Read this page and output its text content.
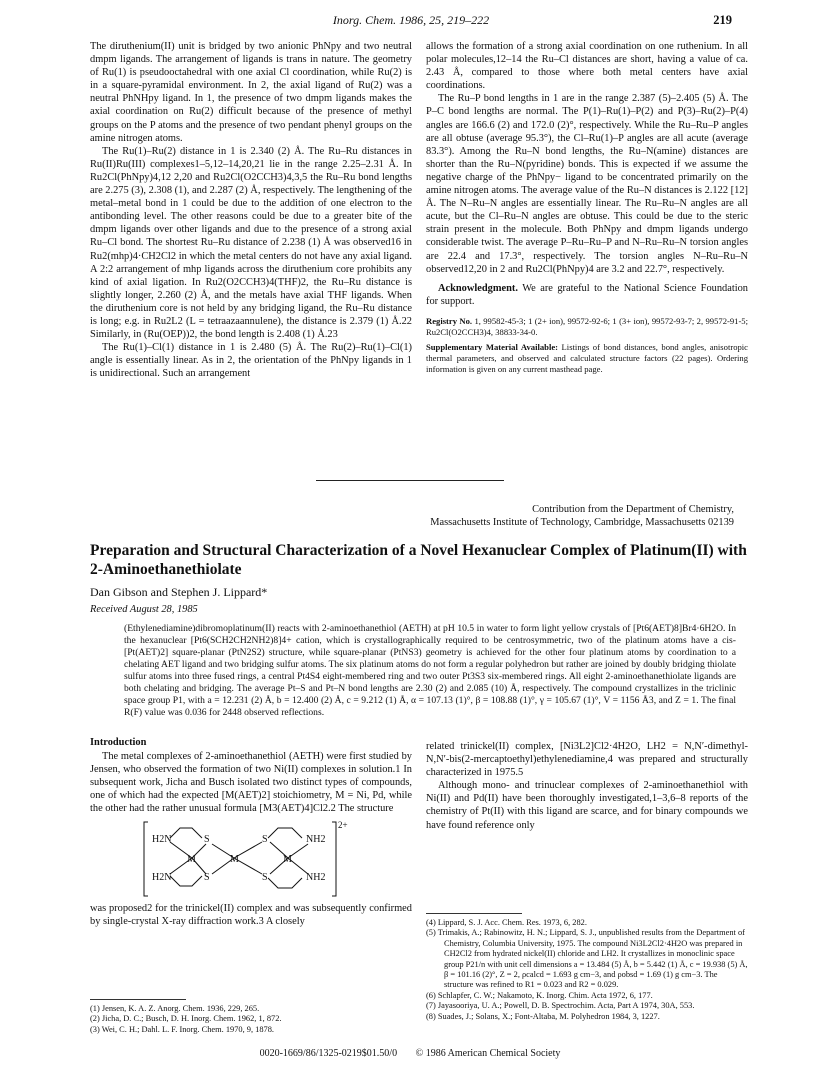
Inorg. Chem. 1986, 25, 219–222	219

The diruthenium(II) unit is bridged by two anionic PhNpy and two neutral dmpm ligands. The arrangement of ligands is trans in nature. The geometry of Ru(1) is pseudooctahedral with one axial Cl coordination, while Ru(2) is in a square-pyramidal environment. In 2, the axial ligand of Ru(2) was a neutral PhNHpy ligand. In 1, the presence of two dmpm ligands makes the axial coordination on Ru(2) difficult because of the presence of methyl groups on the P atoms and the presence of two pendant phenyl groups on the amine nitrogen atoms.

The Ru(1)–Ru(2) distance in 1 is 2.340 (2) Å. The Ru–Ru distances in Ru(II)Ru(III) complexes1–5,12–14,20,21 lie in the range 2.25–2.31 Å. In Ru2Cl(PhNpy)4,12 2,20 and Ru2Cl(O2CCH3)4,3,5 the Ru–Ru bond lengths are 2.275 (3), 2.308 (1), and 2.287 (2) Å, respectively. The lengthening of the metal–metal bond in 1 could be due to the addition of one electron to the antibonding level. The other reasons could be due to a greater bite of the dmpm ligands over other ligands and due to the presence of a strong axial Ru–Cl bond. The shortest Ru–Ru distance of 2.238 (1) Å was observed16 in Ru2(mhp)4·CH2Cl2 in which the metal centers do not have any axial ligand. A 2:2 arrangement of mhp ligands across the diruthenium core prohibits any kind of axial ligation. In Ru2(O2CCH3)4(THF)2, the Ru–Ru distance is slightly longer, 2.260 (2) Å, and the metals have axial THF ligands. When the diruthenium core is not held by any bridging ligand, the Ru–Ru distance is long; e.g. in Ru2L2 (L = tetraazaannulene), the distance is 2.379 (1) Å.22 Similarly, in (Ru(OEP))2, the bond length is 2.408 (1) Å.23

The Ru(1)–Cl(1) distance in 1 is 2.480 (5) Å. The Ru(2)–Ru(1)–Cl(1) angle is essentially linear. As in 2, the orientation of the PhNpy ligands in 1 is unidirectional. Such an arrangement

allows the formation of a strong axial coordination on one ruthenium. In all polar molecules,12–14 the Ru–Cl distances are short, having a value of ca. 2.43 Å, compared to those where both metal centers have axial coordinations.

The Ru–P bond lengths in 1 are in the range 2.387 (5)–2.405 (5) Å. The P–C bond lengths are normal. The P(1)–Ru(1)–P(2) and P(3)–Ru(2)–P(4) angles are 166.6 (2) and 172.0 (2)°, respectively. While the Ru–Ru–P angles are all obtuse (average 95.3°), the Cl–Ru(1)–P angles are all acute (average 83.3°). Among the Ru–N bond lengths, the Ru–N(amine) distances are shorter than the Ru–N(pyridine) bonds. This is expected if we assume the negative charge of the PhNpy− ligand to be concentrated primarily on the amine nitrogen atoms. The average value of the Ru–N distances is 2.122 [12] Å. The N–Ru–N angles are essentially linear. The Ru–Ru–N angles are all acute, but the Cl–Ru–N angles are obtuse. This could be due to the steric strain present in the molecule. Both PhNpy and dmpm ligands undergo considerable twist. The average P–Ru–Ru–P and N–Ru–Ru–N torsion angles are 22.4 and 17.3°, respectively. The torsion angles N–Ru–Ru–N observed12,20 in 2 and Ru2Cl(PhNpy)4 are 3.2 and 22.7°, respectively.

Acknowledgment. We are grateful to the National Science Foundation for support.

Registry No. 1, 99582-45-3; 1 (2+ ion), 99572-92-6; 1 (3+ ion), 99572-93-7; 2, 99572-91-5; Ru2Cl(O2CCH3)4, 38833-34-0.

Supplementary Material Available: Listings of bond distances, bond angles, anisotropic thermal parameters, and observed and calculated structure factors (22 pages). Ordering information is given on any current masthead page.

Contribution from the Department of Chemistry,
Massachusetts Institute of Technology, Cambridge, Massachusetts 02139
Preparation and Structural Characterization of a Novel Hexanuclear Complex of Platinum(II) with 2-Aminoethanethiolate
Dan Gibson and Stephen J. Lippard*
Received August 28, 1985
(Ethylenediamine)dibromoplatinum(II) reacts with 2-aminoethanethiol (AETH) at pH 10.5 in water to form light yellow crystals of [Pt6(AET)8]Br4·6H2O. In the hexanuclear [Pt6(SCH2CH2NH2)8]4+ cation, which is crystallographically required to be centrosymmetric, two of the platinum atoms have a cis-[Pt(AET)2] square-planar (PtN2S2) structure, while square-planar (PtNS3) geometry is achieved for the other four platinum atoms by coordination to a chelating AET ligand and two bridging sulfur atoms. The six platinum atoms do not form a regular polyhedron but rather are joined by doubly bridging thiolate sulfur atoms into three fused rings, a central Pt4S4 eight-membered ring and two outer Pt3S3 six-membered rings. All eight 2-aminoethanethiolate ligands are both chelating and bridging. The average Pt–S and Pt–N bond lengths are 2.30 (2) and 2.085 (10) Å, respectively. The compound crystallizes in the triclinic space group P1, with a = 12.231 (2) Å, b = 12.400 (2) Å, c = 9.212 (1) Å, α = 107.13 (1)°, β = 108.88 (1)°, γ = 105.67 (1)°, V = 1156 Å3, and Z = 1. The final R(F) value was 0.036 for 2448 observed reflections.

Introduction

The metal complexes of 2-aminoethanethiol (AETH) were first studied by Jensen, who observed the formation of two Ni(II) complexes in solution.1 In subsequent work, Jicha and Busch isolated two distinct types of compounds, one of which had the expected [M(AET)2] stoichiometry, M = Ni, Pd, while the other had the rather unusual formula [M3(AET)4]Cl2.2 The structure

2+
H2N
H2N
M
S
S
M
S
S
M
NH2
NH2

was proposed2 for the trinickel(II) complex and was subsequently confirmed by single-crystal X-ray diffraction work.3 A closely

(1) Jensen, K. A. Z. Anorg. Chem. 1936, 229, 265.
(2) Jicha, D. C.; Busch, D. H. Inorg. Chem. 1962, 1, 872.
(3) Wei, C. H.; Dahl. L. F. Inorg. Chem. 1970, 9, 1878.

related trinickel(II) complex, [Ni3L2]Cl2·4H2O, LH2 = N,N′-dimethyl-N,N′-bis(2-mercaptoethyl)ethylenediamine,4 was prepared and structurally characterized in 1975.5

Although mono- and trinuclear complexes of 2-aminoethanethiol with Ni(II) and Pd(II) have been thoroughly investigated,1–3,6–8 reports of the chemistry of Pt(II) with this ligand are scarce, and for binary compounds we have found reference only

(4) Lippard, S. J. Acc. Chem. Res. 1973, 6, 282.
(5) Trimakis, A.; Rabinowitz, H. N.; Lippard, S. J., unpublished results from the Department of Chemistry, Columbia University, 1975. The compound Ni3L2Cl2·4H2O was prepared in CH2Cl2 from hydrated nickel(II) chloride and LH2. It crystallizes in monoclinic space group P21/n with unit cell dimensions a = 13.484 (5) Å, b = 5.442 (1) Å, c = 19.938 (5) Å, β = 101.16 (2)°, Z = 2, ρcalcd = 1.693 g cm−3, and ρobsd = 1.69 (1) g cm−3. The structure was refined to R1 = 0.023 and R2 = 0.029.
(6) Schlapfer, C. W.; Nakamoto, K. Inorg. Chim. Acta 1972, 6, 177.
(7) Jayasooriya, U. A.; Powell, D. B. Spectrochim. Acta, Part A 1974, 30A, 553.
(8) Suades, J.; Solans, X.; Font-Altaba, M. Polyhedron 1984, 3, 1227.
0020-1669/86/1325-0219$01.50/0 © 1986 American Chemical Society
